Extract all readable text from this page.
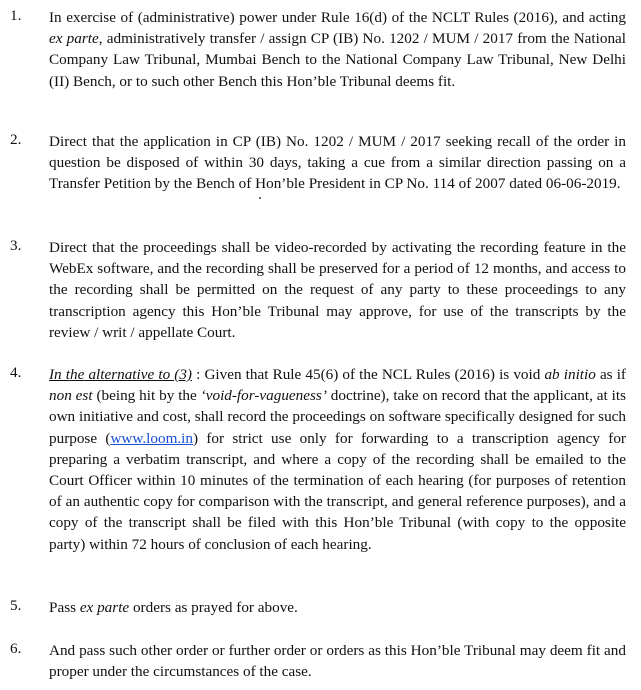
1. In exercise of (administrative) power under Rule 16(d) of the NCLT Rules (2016), and acting ex parte, administratively transfer / assign CP (IB) No. 1202 / MUM / 2017 from the National Company Law Tribunal, Mumbai Bench to the National Company Law Tribunal, New Delhi (II) Bench, or to such other Bench this Hon’ble Tribunal deems fit.
2. Direct that the application in CP (IB) No. 1202 / MUM / 2017 seeking recall of the order in question be disposed of within 30 days, taking a cue from a similar direction passing on a Transfer Petition by the Bench of Hon’ble President in CP No. 114 of 2007 dated 06-06-2019.
3. Direct that the proceedings shall be video-recorded by activating the recording feature in the WebEx software, and the recording shall be preserved for a period of 12 months, and access to the recording shall be permitted on the request of any party to these proceedings to any transcription agency this Hon’ble Tribunal may approve, for use of the transcripts by the review / writ / appellate Court.
4. In the alternative to (3) : Given that Rule 45(6) of the NCL Rules (2016) is void ab initio as if non est (being hit by the ‘void-for-vagueness’ doctrine), take on record that the applicant, at its own initiative and cost, shall record the proceedings on software specifically designed for such purpose (www.loom.in) for strict use only for forwarding to a transcription agency for preparing a verbatim transcript, and where a copy of the recording shall be emailed to the Court Officer within 10 minutes of the termination of each hearing (for purposes of retention of an authentic copy for comparison with the transcript, and general reference purposes), and a copy of the transcript shall be filed with this Hon’ble Tribunal (with copy to the opposite party) within 72 hours of conclusion of each hearing.
5. Pass ex parte orders as prayed for above.
6. And pass such other order or further order or orders as this Hon’ble Tribunal may deem fit and proper under the circumstances of the case.
